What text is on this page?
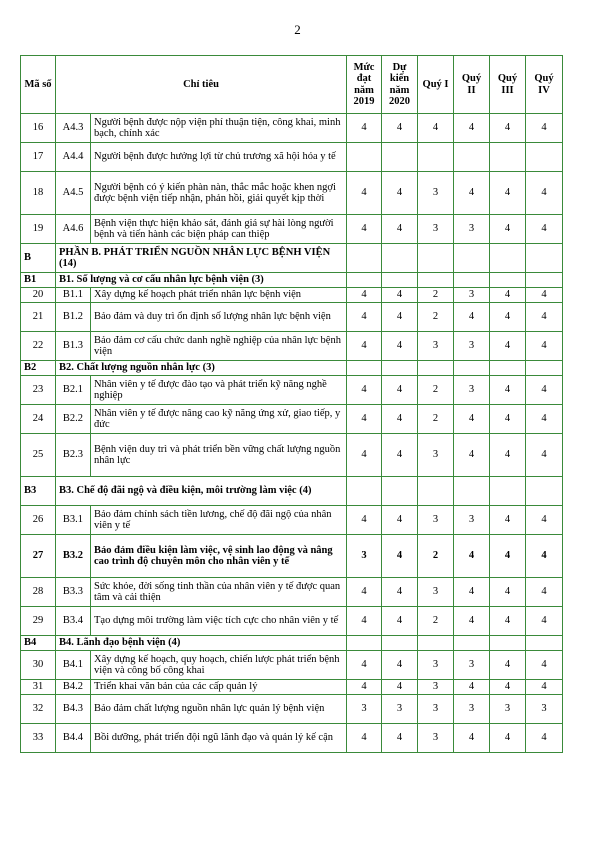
2
Mã số	Chỉ tiêu		Mức đạt năm 2019	Dự kiến năm 2020	Quý I	Quý II	Quý III	Quý IV
16	A4.3	Người bệnh được nộp viện phí thuận tiện, công khai, minh bạch, chính xác	4	4	4	4	4	4
17	A4.4	Người bệnh được hưởng lợi từ chủ trương xã hội hóa y tế						
18	A4.5	Người bệnh có ý kiến phàn nàn, thắc mắc hoặc khen ngợi được bệnh viện tiếp nhận, phản hồi, giải quyết kịp thời	4	4	3	4	4	4
19	A4.6	Bệnh viện thực hiện khảo sát, đánh giá sự hài lòng người bệnh và tiến hành các biện pháp can thiệp	4	4	3	3	4	4
B	PHẦN B. PHÁT TRIỂN NGUỒN NHÂN LỰC BỆNH VIỆN (14)							
B1	B1. Số lượng và cơ cấu nhân lực bệnh viện (3)							
20	B1.1	Xây dựng kế hoạch phát triển nhân lực bệnh viện	4	4	2	3	4	4
21	B1.2	Bảo đảm và duy trì ổn định số lượng nhân lực bệnh viện	4	4	2	4	4	4
22	B1.3	Bảo đảm cơ cấu chức danh nghề nghiệp của nhân lực bệnh viện	4	4	3	3	4	4
B2	B2. Chất lượng nguồn nhân lực (3)							
23	B2.1	Nhân viên y tế được đào tạo và phát triển kỹ năng nghề nghiệp	4	4	2	3	4	4
24	B2.2	Nhân viên y tế được nâng cao kỹ năng ứng xử, giao tiếp, y đức	4	4	2	4	4	4
25	B2.3	Bệnh viện duy trì và phát triển bền vững chất lượng nguồn nhân lực	4	4	3	4	4	4
B3	B3. Chế độ đãi ngộ và điều kiện, môi trường làm việc (4)							
26	B3.1	Bảo đảm chính sách tiền lương, chế độ đãi ngộ của nhân viên y tế	4	4	3	3	4	4
27	B3.2	Bảo đảm điều kiện làm việc, vệ sinh lao động và nâng cao trình độ chuyên môn cho nhân viên y tế	3	4	2	4	4	4
28	B3.3	Sức khỏe, đời sống tinh thần của nhân viên y tế được quan tâm và cải thiện	4	4	3	4	4	4
29	B3.4	Tạo dựng môi trường làm việc tích cực cho nhân viên y tế	4	4	2	4	4	4
B4	B4. Lãnh đạo bệnh viện (4)							
30	B4.1	Xây dựng kế hoạch, quy hoạch, chiến lược phát triển bệnh viện và công bố công khai	4	4	3	3	4	4
31	B4.2	Triển khai văn bản của các cấp quản lý	4	4	3	4	4	4
32	B4.3	Bảo đảm chất lượng nguồn nhân lực quản lý bệnh viện	3	3	3	3	3	3
33	B4.4	Bồi dưỡng, phát triển đội ngũ lãnh đạo và quản lý kế cận	4	4	3	4	4	4
